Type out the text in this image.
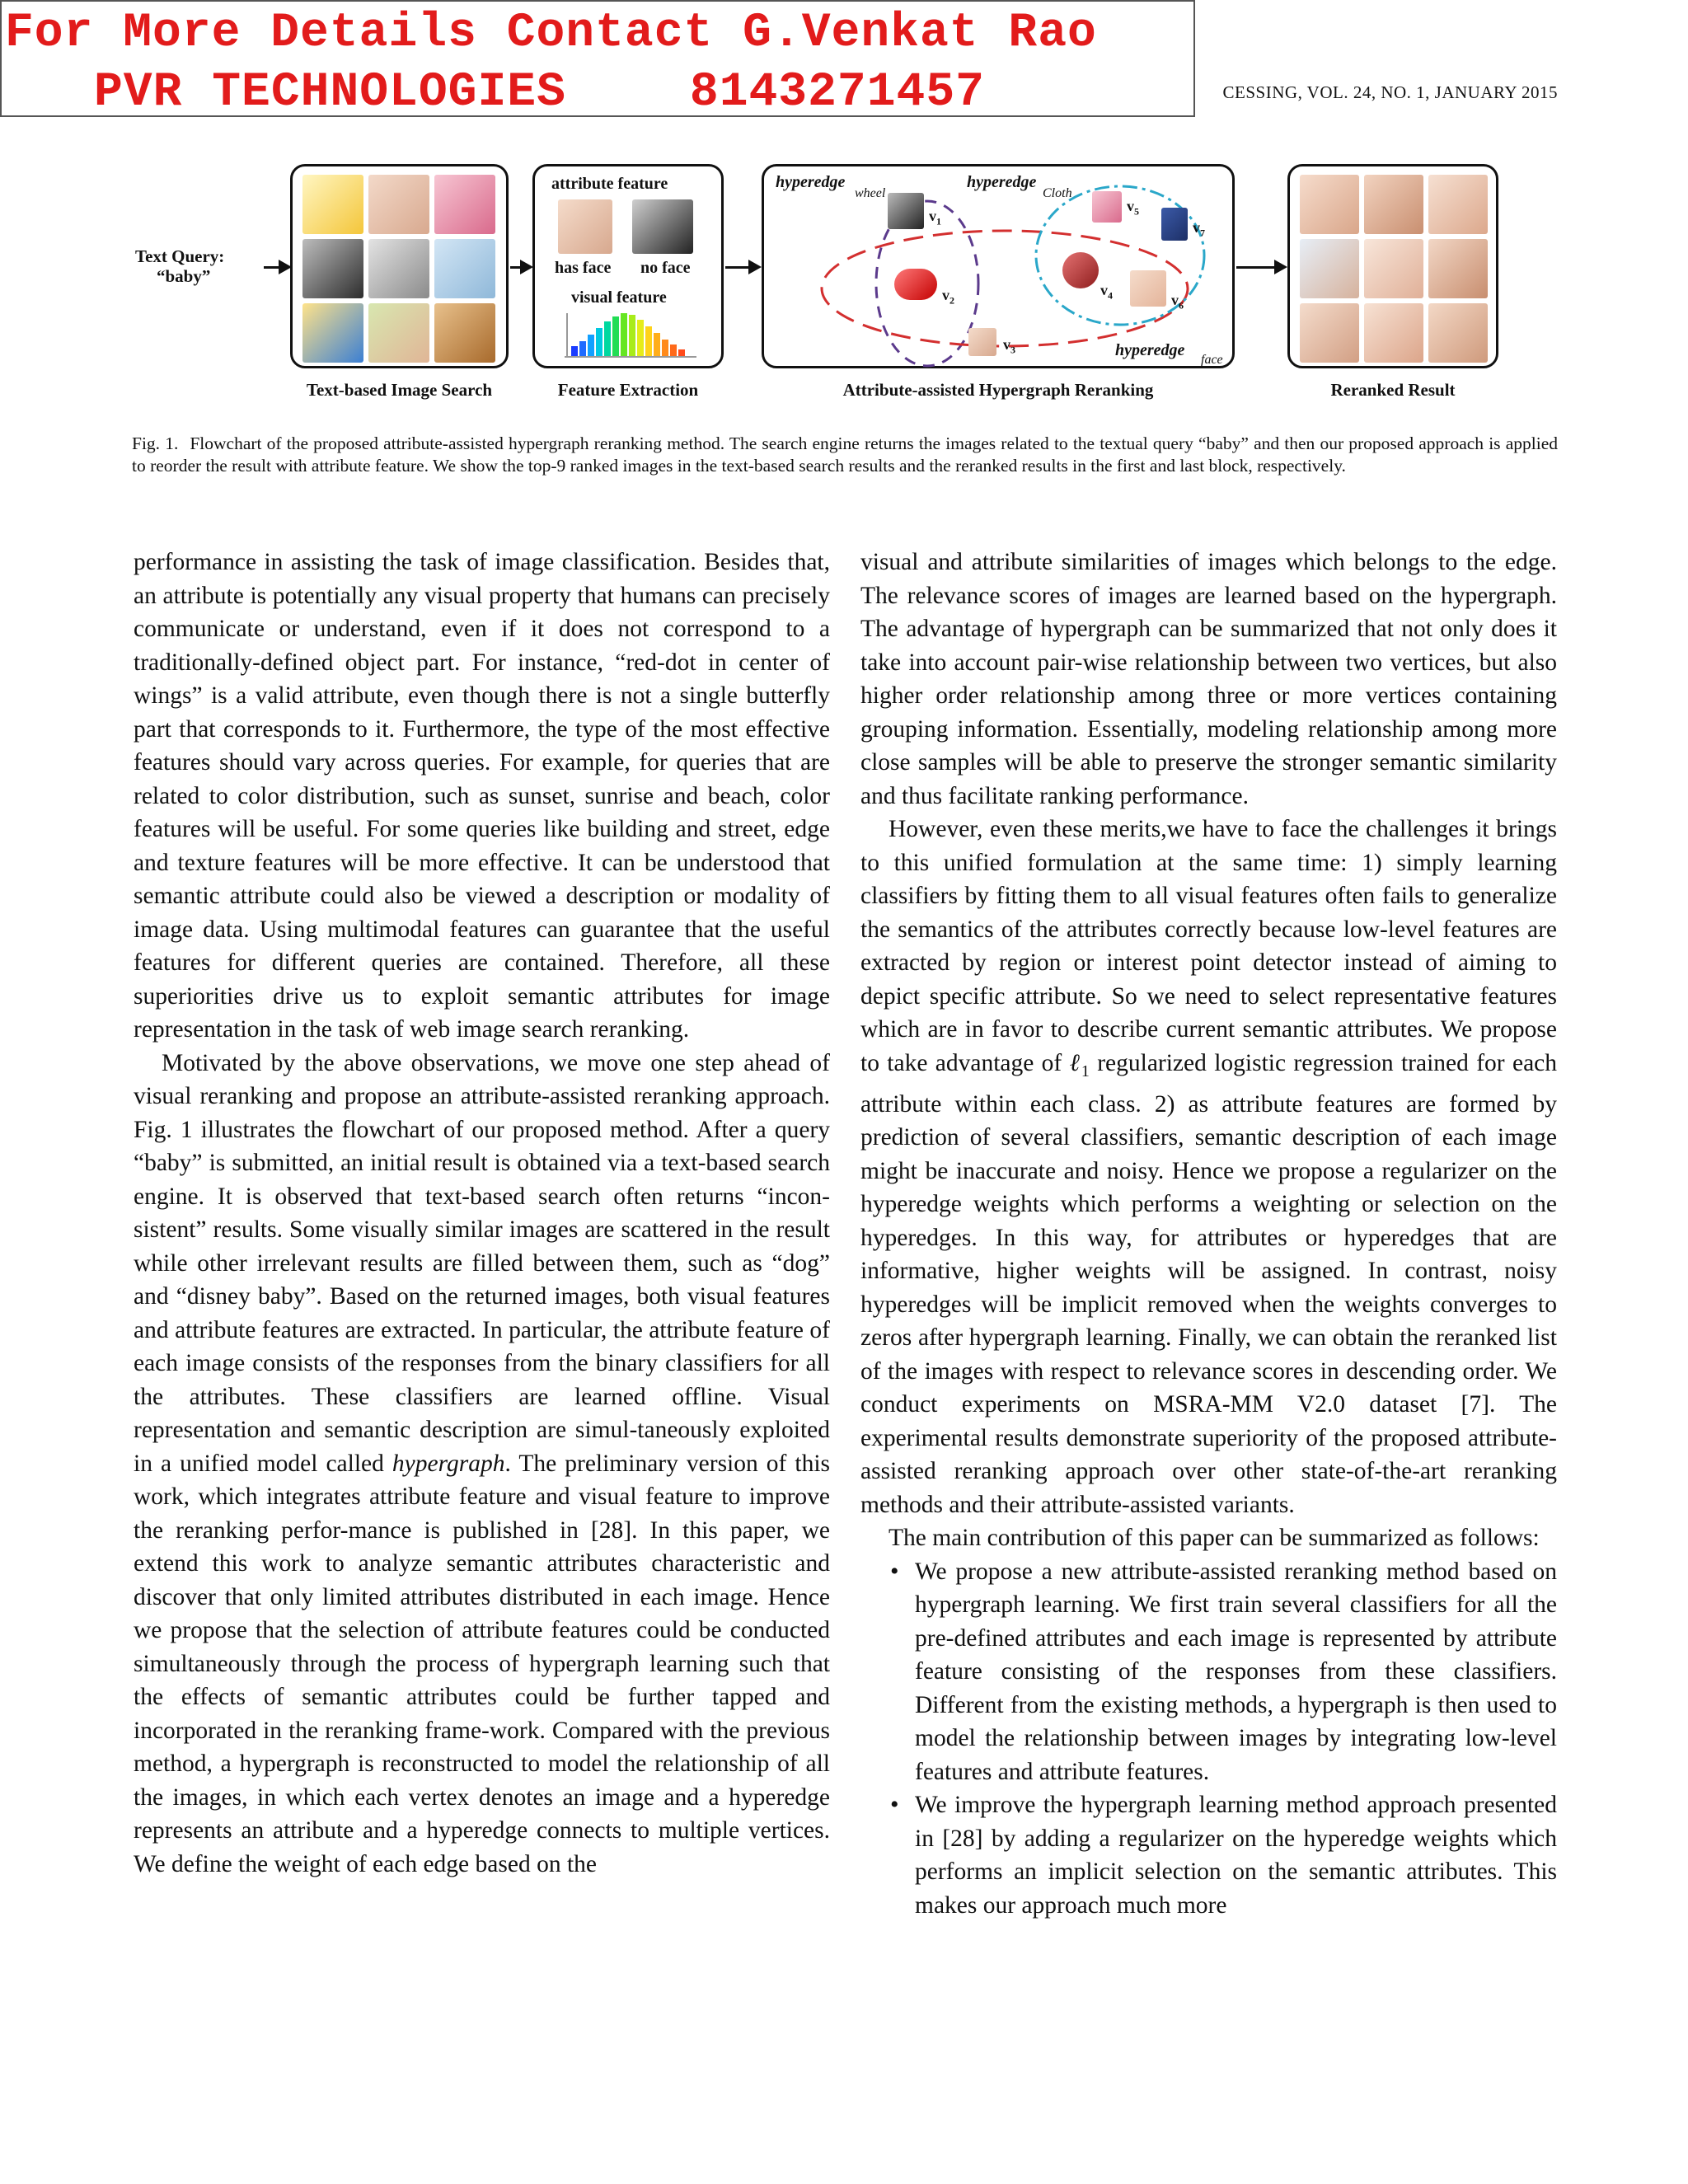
For More Details Contact G.Venkat Rao
PVR TECHNOLOGIES	8143271457	CESSING, VOL. 24, NO. 1, JANUARY 2015
Text Query:
“baby”
attribute feature
has face no face
visual feature
hyperedge
wheel
hyperedge
Cloth
hyperedge
face
$v_1$
$v_2$
$v_3$
$v_4$
$v_5$
$v_6$
$v_7$
Text-based Image Search	Feature Extraction	Attribute-assisted Hypergraph Reranking	Reranked Result
Fig. 1. Flowchart of the proposed attribute-assisted hypergraph reranking method. The search engine returns the images related to the textual query “baby” and then our proposed approach is applied to reorder the result with attribute feature. We show the top-9 ranked images in the text-based search results and the reranked results in the first and last block, respectively.

performance in assisting the task of image classification. Besides that, an attribute is potentially any visual property that humans can precisely communicate or understand, even if it does not correspond to a traditionally-defined object part. For instance, “red-dot in center of wings” is a valid attribute, even though there is not a single butterfly part that corresponds to it. Furthermore, the type of the most effective features should vary across queries. For example, for queries that are related to color distribution, such as sunset, sunrise and beach, color features will be useful. For some queries like building and street, edge and texture features will be more effective. It can be understood that semantic attribute could also be viewed a description or modality of image data. Using multimodal features can guarantee that the useful features for different queries are contained. Therefore, all these superiorities drive us to exploit semantic attributes for image representation in the task of web image search reranking.

Motivated by the above observations, we move one step ahead of visual reranking and propose an attribute-assisted reranking approach. Fig. 1 illustrates the flowchart of our proposed method. After a query “baby” is submitted, an initial result is obtained via a text-based search engine. It is observed that text-based search often returns “incon-sistent” results. Some visually similar images are scattered in the result while other irrelevant results are filled between them, such as “dog” and “disney baby”. Based on the returned images, both visual features and attribute features are extracted. In particular, the attribute feature of each image consists of the responses from the binary classifiers for all the attributes. These classifiers are learned offline. Visual representation and semantic description are simul-taneously exploited in a unified model called hypergraph. The preliminary version of this work, which integrates attribute feature and visual feature to improve the reranking perfor-mance is published in [28]. In this paper, we extend this work to analyze semantic attributes characteristic and discover that only limited attributes distributed in each image. Hence we propose that the selection of attribute features could be conducted simultaneously through the process of hypergraph learning such that the effects of semantic attributes could be further tapped and incorporated in the reranking frame-work. Compared with the previous method, a hypergraph is reconstructed to model the relationship of all the images, in which each vertex denotes an image and a hyperedge represents an attribute and a hyperedge connects to multiple vertices. We define the weight of each edge based on the

visual and attribute similarities of images which belongs to the edge. The relevance scores of images are learned based on the hypergraph. The advantage of hypergraph can be summarized that not only does it take into account pair-wise relationship between two vertices, but also higher order relationship among three or more vertices containing grouping information. Essentially, modeling relationship among more close samples will be able to preserve the stronger semantic similarity and thus facilitate ranking performance.

However, even these merits,we have to face the challenges it brings to this unified formulation at the same time: 1) simply learning classifiers by fitting them to all visual features often fails to generalize the semantics of the attributes correctly because low-level features are extracted by region or interest point detector instead of aiming to depict specific attribute. So we need to select representative features which are in favor to describe current semantic attributes. We propose to take advantage of ℓ$_1$ regularized logistic regression trained for each attribute within each class. 2) as attribute features are formed by prediction of several classifiers, semantic description of each image might be inaccurate and noisy. Hence we propose a regularizer on the hyperedge weights which performs a weighting or selection on the hyperedges. In this way, for attributes or hyperedges that are informative, higher weights will be assigned. In contrast, noisy hyperedges will be implicit removed when the weights converges to zeros after hypergraph learning. Finally, we can obtain the reranked list of the images with respect to relevance scores in descending order. We conduct experiments on MSRA-MM V2.0 dataset [7]. The experimental results demonstrate superiority of the proposed attribute-assisted reranking approach over other state-of-the-art reranking methods and their attribute-assisted variants.

The main contribution of this paper can be summarized as follows:

• We propose a new attribute-assisted reranking method based on hypergraph learning. We first train several classifiers for all the pre-defined attributes and each image is represented by attribute feature consisting of the responses from these classifiers. Different from the existing methods, a hypergraph is then used to model the relationship between images by integrating low-level features and attribute features.
• We improve the hypergraph learning method approach presented in [28] by adding a regularizer on the hyperedge weights which performs an implicit selection on the semantic attributes. This makes our approach much more
